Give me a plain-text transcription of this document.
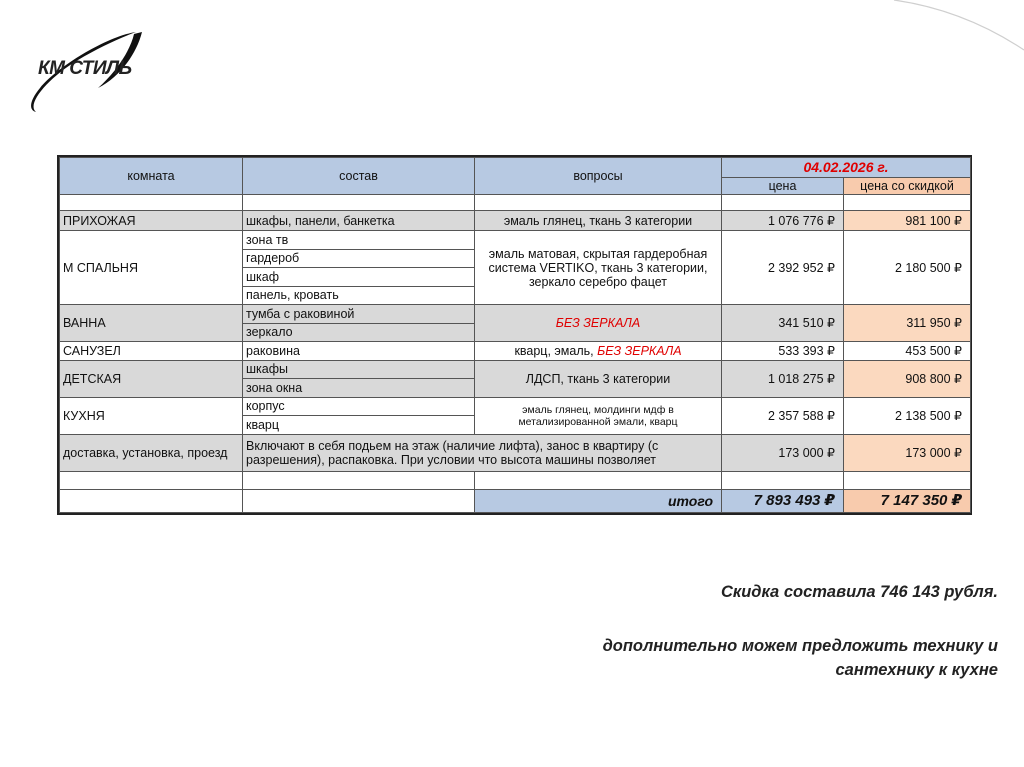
КМ СТИЛЬ
комната	состав	вопросы	04.02.2026 г.	
			цена	цена со скидкой

ПРИХОЖАЯ	шкафы, панели, банкетка	эмаль глянец, ткань 3 категории	1 076 776 ₽	981 100 ₽
М СПАЛЬНЯ	зона тв	эмаль матовая, скрытая гардеробная система VERTIKO, ткань 3 категории, зеркало серебро фацет	2 392 952 ₽	2 180 500 ₽
	гардероб			
	шкаф			
	панель, кровать			
ВАННА	тумба с раковиной	БЕЗ ЗЕРКАЛА	341 510 ₽	311 950 ₽
	зеркало			
САНУЗЕЛ	раковина	кварц, эмаль, БЕЗ ЗЕРКАЛА	533 393 ₽	453 500 ₽
ДЕТСКАЯ	шкафы	ЛДСП, ткань 3 категории	1 018 275 ₽	908 800 ₽
	зона окна			
КУХНЯ	корпус	эмаль глянец, молдинги мдф в метализированной эмали, кварц	2 357 588 ₽	2 138 500 ₽
	кварц			
доставка, установка, проезд	Включают в себя подьем на этаж (наличие лифта), занос в квартиру (с разрешения), распаковка. При условии что высота машины позволяет		173 000 ₽	173 000 ₽

		итого	7 893 493 ₽	7 147 350 ₽

Скидка составила 746 143 рубля.

дополнительно можем предложить технику и

сантехнику к кухне
